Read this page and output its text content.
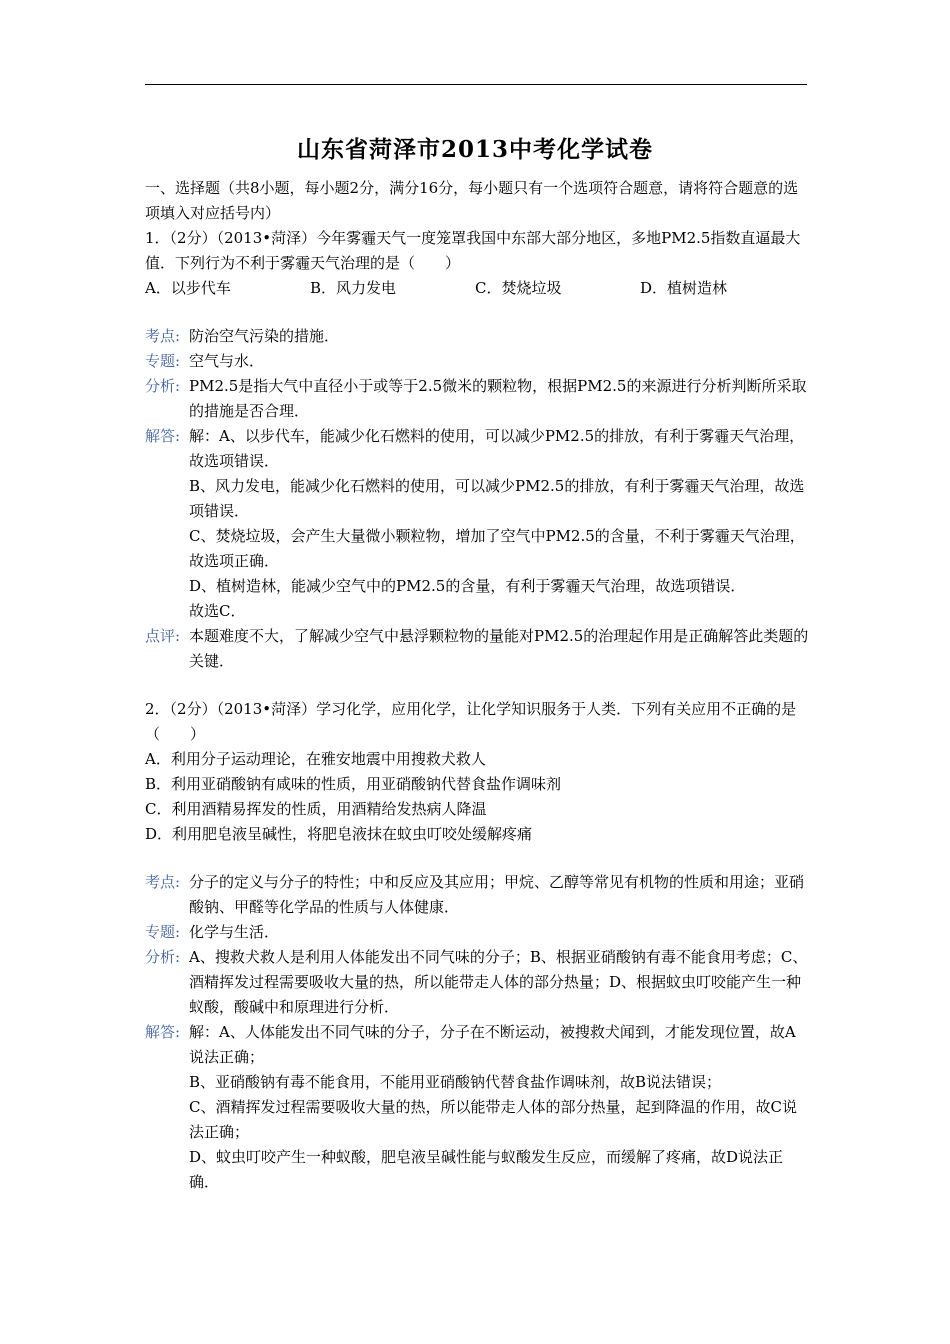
山东省菏泽市2013中考化学试卷

一、选择题（共8小题，每小题2分，满分16分，每小题只有一个选项符合题意，请将符合题意的选项填入对应括号内）

1．（2分）（2013•菏泽）今年雾霾天气一度笼罩我国中东部大部分地区，多地PM2.5指数直逼最大值．下列行为不利于雾霾天气治理的是（　　）

A．以步代车	B．风力发电	C．焚烧垃圾	D．植树造林
考点: 防治空气污染的措施．
专题: 空气与水．
分析: PM2.5是指大气中直径小于或等于2.5微米的颗粒物，根据PM2.5的来源进行分析判断所采取的措施是否合理．
解答: 解：A、以步代车，能减少化石燃料的使用，可以减少PM2.5的排放，有利于雾霾天气治理，故选项错误．

B、风力发电，能减少化石燃料的使用，可以减少PM2.5的排放，有利于雾霾天气治理，故选项错误．

C、焚烧垃圾，会产生大量微小颗粒物，增加了空气中PM2.5的含量，不利于雾霾天气治理，故选项正确．

D、植树造林，能减少空气中的PM2.5的含量，有利于雾霾天气治理，故选项错误．

故选C．

点评: 本题难度不大，了解减少空气中悬浮颗粒物的量能对PM2.5的治理起作用是正确解答此类题的关键．

2．（2分）（2013•菏泽）学习化学，应用化学，让化学知识服务于人类．下列有关应用不正确的是（　　）

A．利用分子运动理论，在雅安地震中用搜救犬救人

B．利用亚硝酸钠有咸味的性质，用亚硝酸钠代替食盐作调味剂

C．利用酒精易挥发的性质，用酒精给发热病人降温

D．利用肥皂液呈碱性，将肥皂液抹在蚊虫叮咬处缓解疼痛

考点: 分子的定义与分子的特性；中和反应及其应用；甲烷、乙醇等常见有机物的性质和用途；亚硝酸钠、甲醛等化学品的性质与人体健康．
专题: 化学与生活．
分析: A、搜救犬救人是利用人体能发出不同气味的分子；B、根据亚硝酸钠有毒不能食用考虑；C、酒精挥发过程需要吸收大量的热，所以能带走人体的部分热量；D、根据蚊虫叮咬能产生一种蚁酸，酸碱中和原理进行分析．
解答: 解：A、人体能发出不同气味的分子，分子在不断运动，被搜救犬闻到，才能发现位置，故A说法正确；

B、亚硝酸钠有毒不能食用，不能用亚硝酸钠代替食盐作调味剂，故B说法错误；

C、酒精挥发过程需要吸收大量的热，所以能带走人体的部分热量，起到降温的作用，故C说法正确；

D、蚊虫叮咬产生一种蚁酸，肥皂液呈碱性能与蚁酸发生反应，而缓解了疼痛，故D说法正确．
